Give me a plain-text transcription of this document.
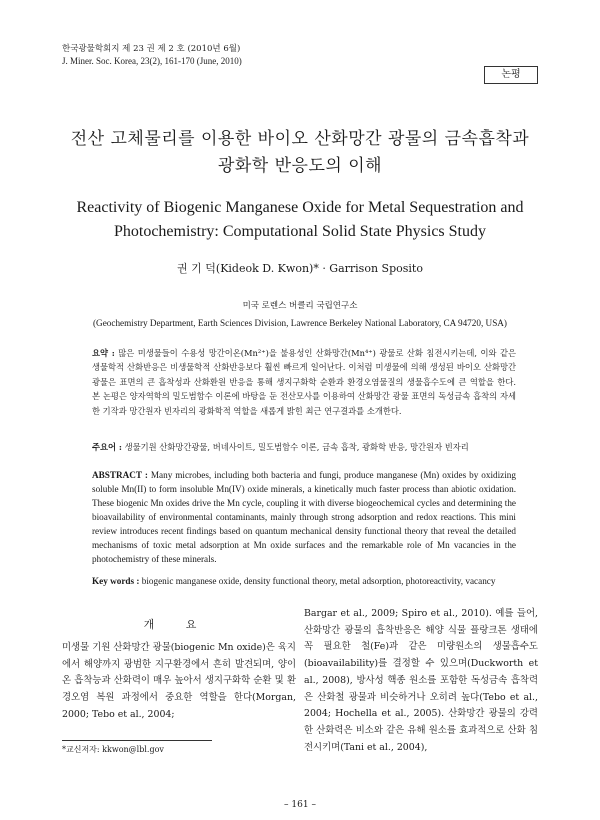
한국광물학회지 제 23 권 제 2 호 (2010년 6월)
J. Miner. Soc. Korea, 23(2), 161-170 (June, 2010)
논평
전산 고체물리를 이용한 바이오 산화망간 광물의 금속흡착과
광화학 반응도의 이해
Reactivity of Biogenic Manganese Oxide for Metal Sequestration and
Photochemistry: Computational Solid State Physics Study
권 기 덕(Kideok D. Kwon)* · Garrison Sposito
미국 로렌스 버클리 국립연구소
(Geochemistry Department, Earth Sciences Division, Lawrence Berkeley National Laboratory, CA 94720, USA)
요약 : 많은 미생물들이 수용성 망간이온(Mn²⁺)을 불용성인 산화망간(Mn⁴⁺) 광물로 산화 침전시키는데, 이와 같은 생물학적 산화반응은 비생물학적 산화반응보다 훨씬 빠르게 일어난다. 이처럼 미생물에 의해 생성된 바이오 산화망간 광물은 표면의 큰 흡착성과 산화환원 반응을 통해 생지구화학 순환과 환경오염물질의 생물흡수도에 큰 역할을 한다. 본 논평은 양자역학의 밀도범함수 이론에 바탕을 둔 전산모사를 이용하여 산화망간 광물 표면의 독성금속 흡착의 자세한 기작과 망간원자 빈자리의 광화학적 역할을 새롭게 밝힌 최근 연구결과를 소개한다.
주요어 : 생물기원 산화망간광물, 버네사이트, 밀도범함수 이론, 금속 흡착, 광화학 반응, 망간원자 빈자리
ABSTRACT : Many microbes, including both bacteria and fungi, produce manganese (Mn) oxides by oxidizing soluble Mn(II) to form insoluble Mn(IV) oxide minerals, a kinetically much faster process than abiotic oxidation. These biogenic Mn oxides drive the Mn cycle, coupling it with diverse biogeochemical cycles and determining the bioavailability of environmental contaminants, mainly through strong adsorption and redox reactions. This mini review introduces recent findings based on quantum mechanical density functional theory that reveal the detailed mechanisms of toxic metal adsorption at Mn oxide surfaces and the remarkable role of Mn vacancies in the photochemistry of these minerals.
Key words : biogenic manganese oxide, density functional theory, metal adsorption, photoreactivity, vacancy
개 요
미생물 기원 산화망간 광물(biogenic Mn oxide)은 육지에서 해양까지 광범한 지구환경에서 흔히 발견되며, 양이온 흡착능과 산화력이 매우 높아서 생지구화학 순환 및 환경오염 복원 과정에서 중요한 역할을 한다(Morgan, 2000; Tebo et al., 2004;
Bargar et al., 2009; Spiro et al., 2010). 예를 들어, 산화망간 광물의 흡착반응은 해양 식물 플랑크톤 생태에 꼭 필요한 철(Fe)과 같은 미량원소의 생물흡수도(bioavailability)를 결정할 수 있으며(Duckworth et al., 2008), 방사성 핵종 원소를 포함한 독성금속 흡착력은 산화철 광물과 비슷하거나 오히려 높다(Tebo et al., 2004; Hochella et al., 2005). 산화망간 광물의 강력한 산화력은 비소와 같은 유해 원소를 효과적으로 산화 침전시키며(Tani et al., 2004),
*교신저자: kkwon@lbl.gov
– 161 –
